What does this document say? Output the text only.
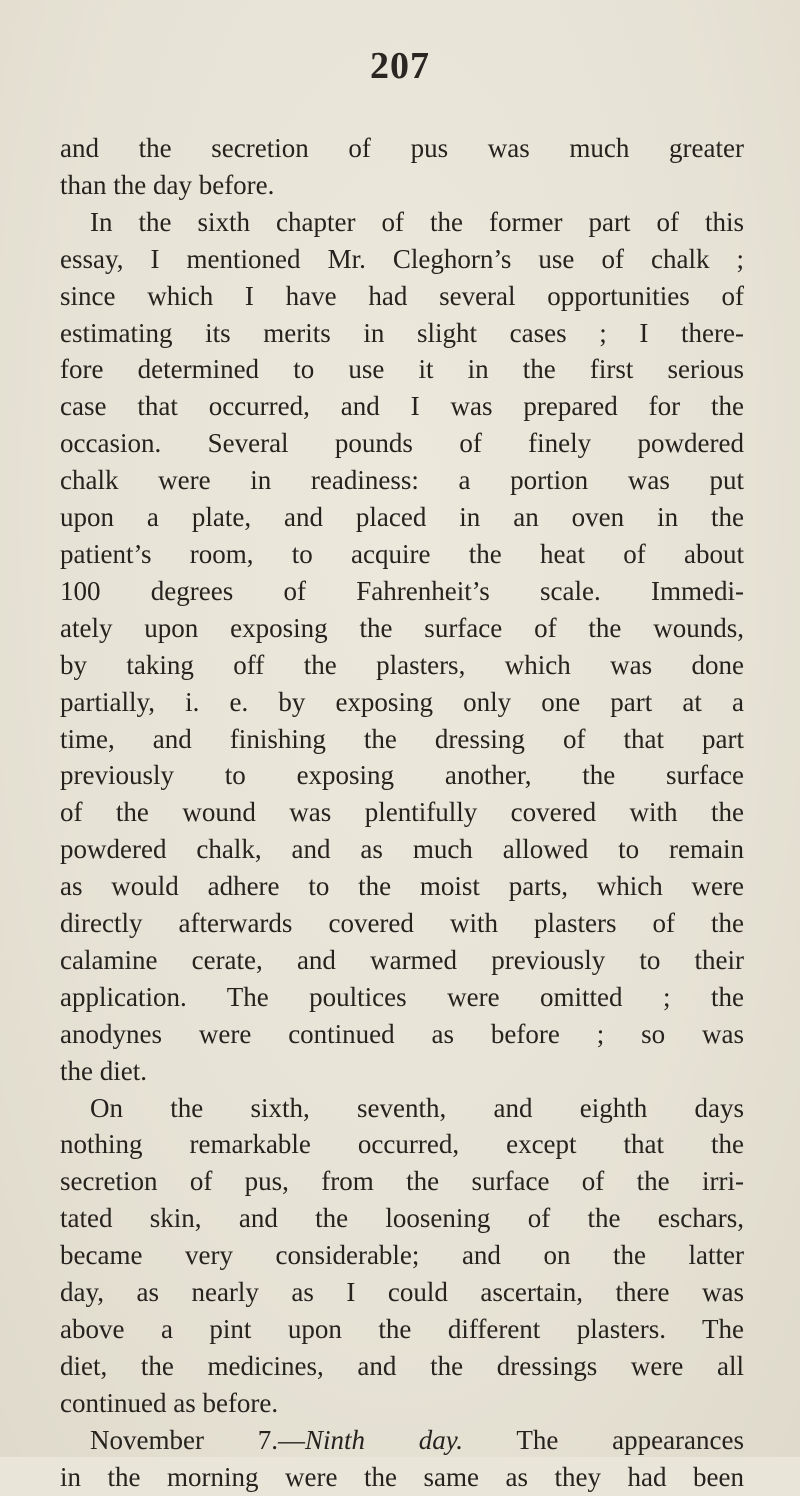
207

and the secretion of pus was much greater
than the day before.

In the sixth chapter of the former part of this
essay, I mentioned Mr. Cleghorn’s use of chalk ;
since which I have had several opportunities of
estimating its merits in slight cases ; I there-
fore determined to use it in the first serious
case that occurred, and I was prepared for the
occasion. Several pounds of finely powdered
chalk were in readiness: a portion was put
upon a plate, and placed in an oven in the
patient’s room, to acquire the heat of about
100 degrees of Fahrenheit’s scale. Immedi-
ately upon exposing the surface of the wounds,
by taking off the plasters, which was done
partially, i. e. by exposing only one part at a
time, and finishing the dressing of that part
previously to exposing another, the surface
of the wound was plentifully covered with the
powdered chalk, and as much allowed to remain
as would adhere to the moist parts, which were
directly afterwards covered with plasters of the
calamine cerate, and warmed previously to their
application. The poultices were omitted ; the
anodynes were continued as before ; so was
the diet.

On the sixth, seventh, and eighth days
nothing remarkable occurred, except that the
secretion of pus, from the surface of the irri-
tated skin, and the loosening of the eschars,
became very considerable; and on the latter
day, as nearly as I could ascertain, there was
above a pint upon the different plasters. The
diet, the medicines, and the dressings were all
continued as before.

November 7.—Ninth day. The appearances
in the morning were the same as they had been
